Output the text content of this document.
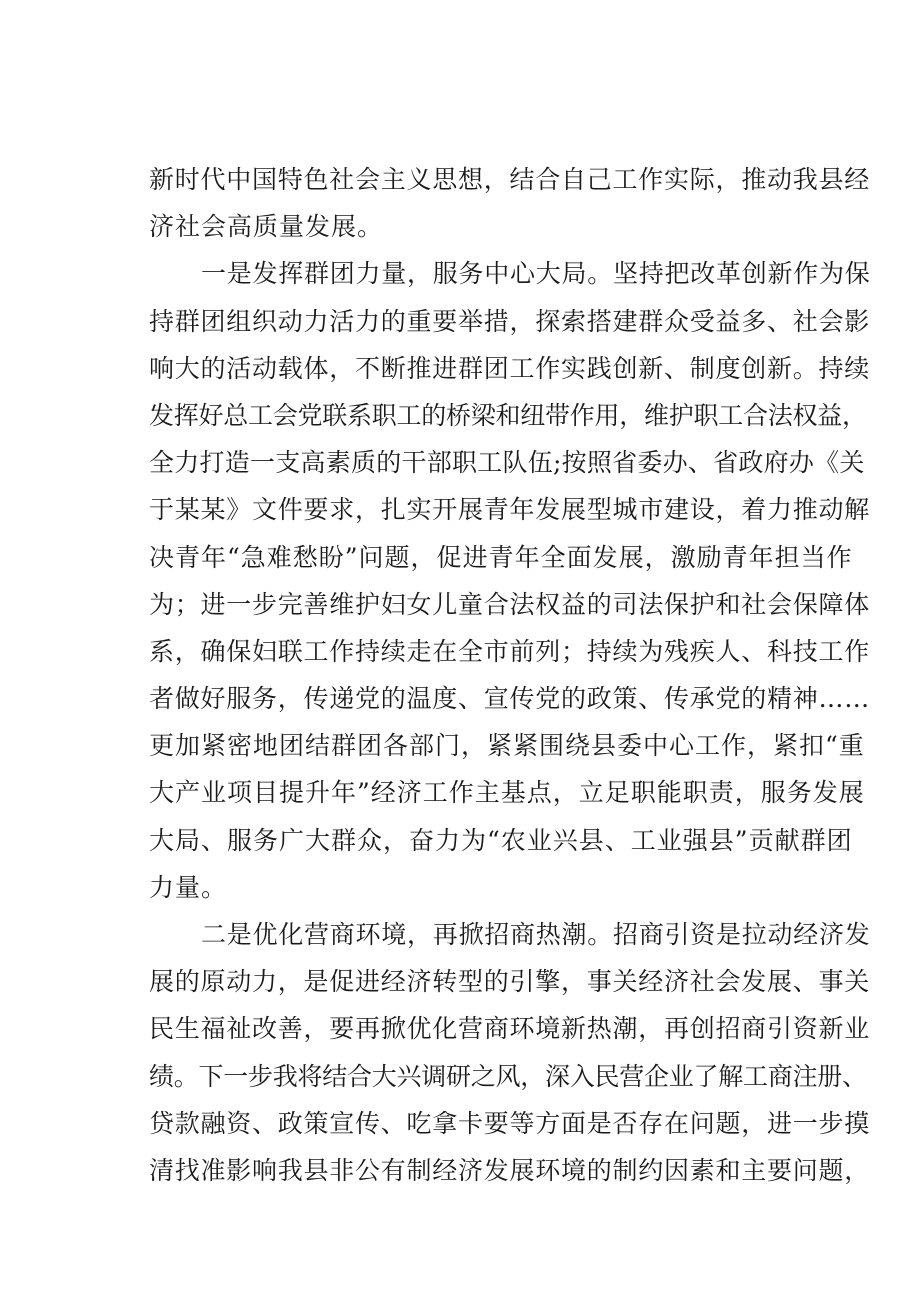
新时代中国特色社会主义思想，结合自己工作实际，推动我县经
济社会高质量发展。
一是发挥群团力量，服务中心大局。坚持把改革创新作为保
持群团组织动力活力的重要举措，探索搭建群众受益多、社会影
响大的活动载体，不断推进群团工作实践创新、制度创新。持续
发挥好总工会党联系职工的桥梁和纽带作用，维护职工合法权益，
全力打造一支高素质的干部职工队伍;按照省委办、省政府办《关
于某某》文件要求，扎实开展青年发展型城市建设，着力推动解
决青年“急难愁盼”问题，促进青年全面发展，激励青年担当作
为；进一步完善维护妇女儿童合法权益的司法保护和社会保障体
系，确保妇联工作持续走在全市前列；持续为残疾人、科技工作
者做好服务，传递党的温度、宣传党的政策、传承党的精神……
更加紧密地团结群团各部门，紧紧围绕县委中心工作，紧扣“重
大产业项目提升年”经济工作主基点，立足职能职责，服务发展
大局、服务广大群众，奋力为“农业兴县、工业强县”贡献群团
力量。
二是优化营商环境，再掀招商热潮。招商引资是拉动经济发
展的原动力，是促进经济转型的引擎，事关经济社会发展、事关
民生福祉改善，要再掀优化营商环境新热潮，再创招商引资新业
绩。下一步我将结合大兴调研之风，深入民营企业了解工商注册、
贷款融资、政策宣传、吃拿卡要等方面是否存在问题，进一步摸
清找准影响我县非公有制经济发展环境的制约因素和主要问题，
